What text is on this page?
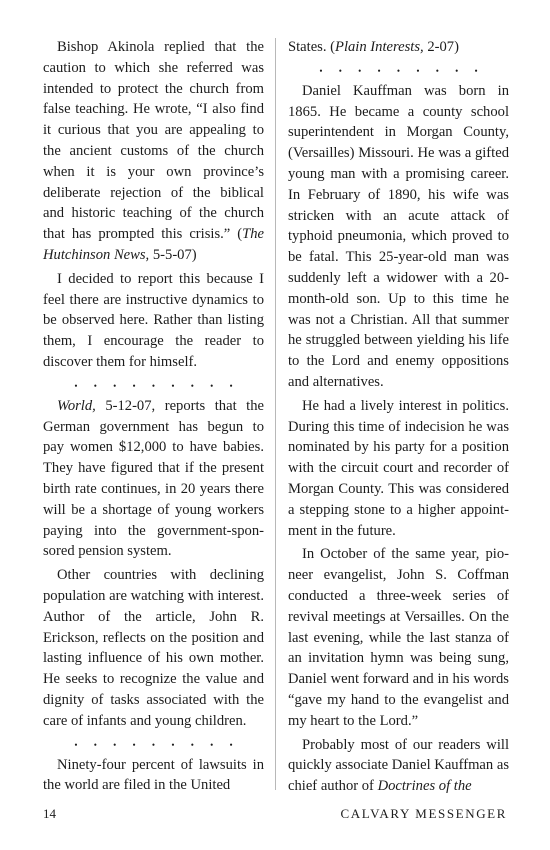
Bishop Akinola replied that the caution to which she referred was intended to protect the church from false teaching. He wrote, “I also find it curious that you are appealing to the ancient customs of the church when it is your own province’s deliberate rejection of the biblical and historic teaching of the church that has prompted this crisis.” (The Hutchinson News, 5-5-07)

I decided to report this because I feel there are instructive dynamics to be observed here. Rather than listing them, I encourage the reader to discover them for himself.

• • • • • • • • •

World, 5-12-07, reports that the German government has begun to pay women $12,000 to have babies. They have figured that if the present birth rate continues, in 20 years there will be a shortage of young workers paying into the government-sponsored pension system.

Other countries with declining population are watching with interest. Author of the article, John R. Erickson, reflects on the position and lasting influence of his own mother. He seeks to recognize the value and dignity of tasks associated with the care of infants and young children.

• • • • • • • • •

Ninety-four percent of lawsuits in the world are filed in the United

States. (Plain Interests, 2-07)

• • • • • • • • •

Daniel Kauffman was born in 1865. He became a county school superintendent in Morgan County, (Versailles) Missouri. He was a gifted young man with a promising career. In February of 1890, his wife was stricken with an acute attack of typhoid pneumonia, which proved to be fatal. This 25-year-old man was suddenly left a widower with a 20-month-old son. Up to this time he was not a Christian. All that summer he struggled between yielding his life to the Lord and enemy oppositions and alternatives.

He had a lively interest in politics. During this time of indecision he was nominated by his party for a position with the circuit court and recorder of Morgan County. This was considered a stepping stone to a higher appointment in the future.

In October of the same year, pioneer evangelist, John S. Coffman conducted a three-week series of revival meetings at Versailles. On the last evening, while the last stanza of an invitation hymn was being sung, Daniel went forward and in his words “gave my hand to the evangelist and my heart to the Lord.”

Probably most of our readers will quickly associate Daniel Kauffman as chief author of Doctrines of the

14	CALVARY MESSENGER
